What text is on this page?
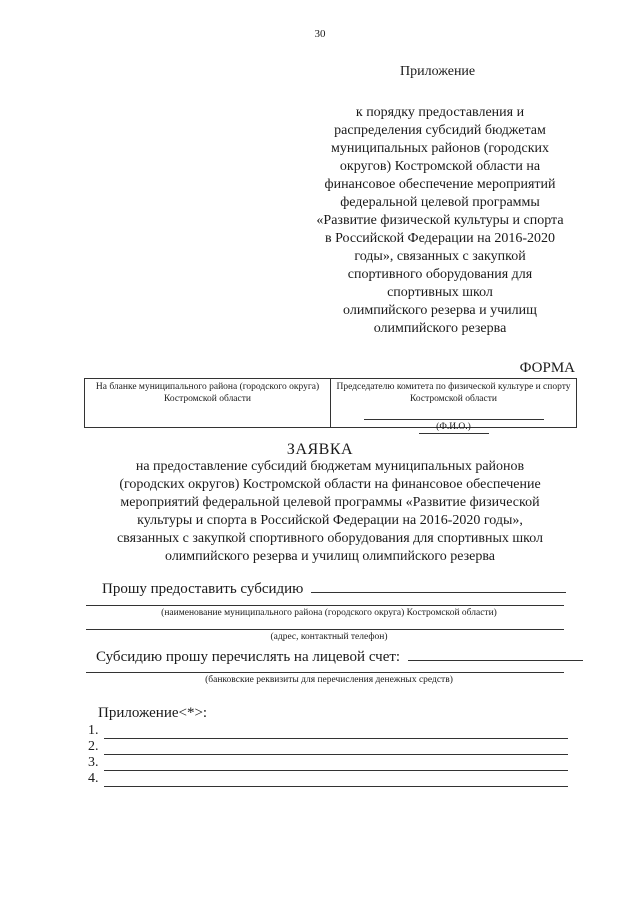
30
Приложение
к порядку предоставления и
распределения субсидий бюджетам
муниципальных районов (городских
округов) Костромской области на
финансовое обеспечение мероприятий
федеральной целевой программы
«Развитие физической культуры и спорта
в Российской Федерации на 2016-2020
годы», связанных с закупкой
спортивного оборудования для
спортивных школ
олимпийского резерва и училищ
олимпийского резерва
ФОРМА
На бланке муниципального района (городского округа) Костромской области
Председателю комитета по физической культуре и спорту Костромской области
(Ф.И.О.)
ЗАЯВКА
на предоставление субсидий бюджетам муниципальных районов
(городских округов) Костромской области на финансовое обеспечение
мероприятий федеральной целевой программы «Развитие физической
культуры и спорта в Российской Федерации на 2016-2020 годы»,
связанных с закупкой спортивного оборудования для спортивных школ
олимпийского резерва и училищ олимпийского резерва
Прошу предоставить субсидию
(наименование муниципального района (городского округа) Костромской области)
(адрес, контактный телефон)
Субсидию прошу перечислять на лицевой счет:
(банковские реквизиты для перечисления денежных средств)
Приложение<*>:
1.
2.
3.
4.
